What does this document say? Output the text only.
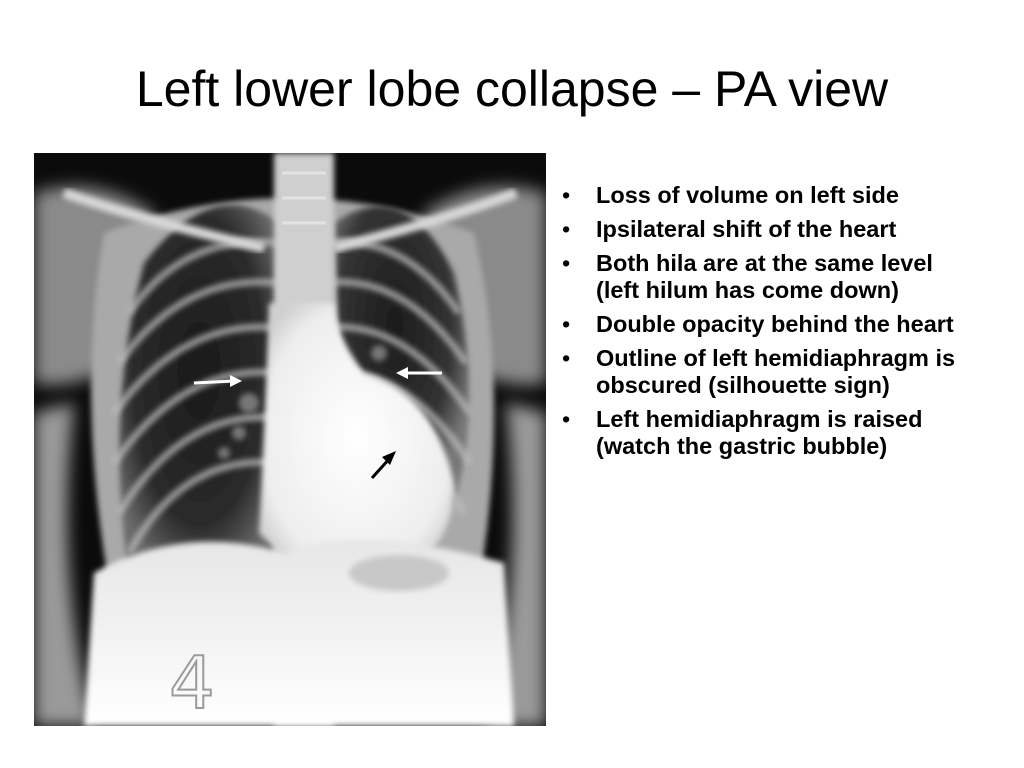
Left lower lobe collapse – PA view
4
• Loss of volume on left side
• Ipsilateral shift of the heart
• Both hila are at the same level (left hilum has come down)
• Double opacity behind the heart
• Outline of left hemidiaphragm is obscured (silhouette sign)
• Left hemidiaphragm is raised (watch the gastric bubble)
